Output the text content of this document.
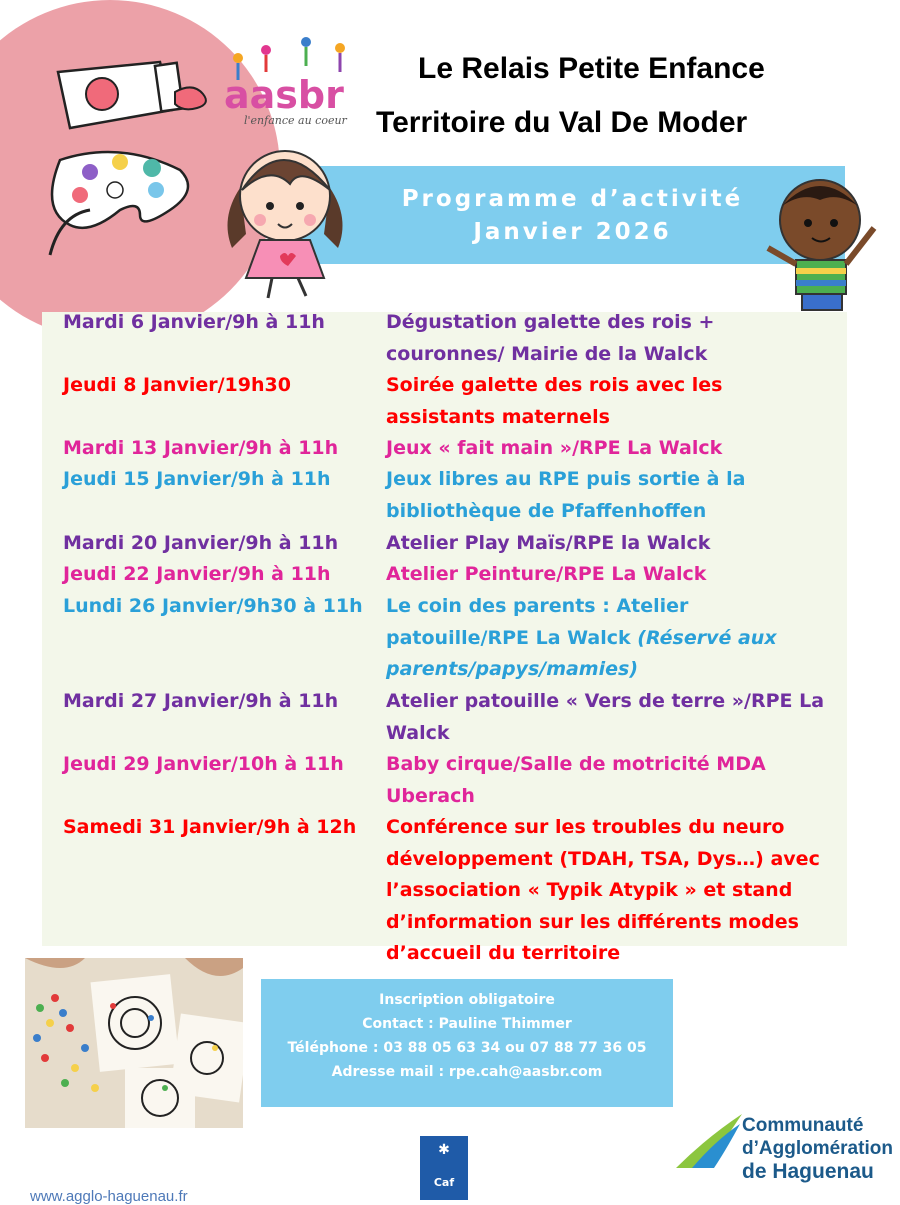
aasbr
l'enfance au coeur
Le Relais Petite Enfance
Territoire du Val De Moder
Programme d’activité
Janvier 2026
Mardi 6 Janvier/9h à 11h	Dégustation galette des rois + couronnes/ Mairie de la Walck
Jeudi 8 Janvier/19h30	Soirée galette des rois avec les assistants maternels
Mardi 13 Janvier/9h à 11h	Jeux « fait main »/RPE La Walck
Jeudi 15 Janvier/9h à 11h	Jeux libres au RPE puis sortie à la bibliothèque de Pfaffenhoffen
Mardi 20 Janvier/9h à 11h	Atelier Play Maïs/RPE la Walck
Jeudi 22 Janvier/9h à 11h	Atelier Peinture/RPE La Walck
Lundi 26 Janvier/9h30 à 11h Le coin des parents : Atelier patouille/RPE La Walck (Réservé aux parents/papys/mamies)
Mardi 27 Janvier/9h à 11h	Atelier patouille « Vers de terre »/RPE La Walck
Jeudi 29 Janvier/10h à 11h Baby cirque/Salle de motricité MDA Uberach
Samedi 31 Janvier/9h à 12h Conférence sur les troubles du neuro développement (TDAH, TSA, Dys…) avec l’association « Typik Atypik » et stand d’information sur les différents modes d’accueil du territoire
Inscription obligatoire
Contact : Pauline Thimmer
Téléphone : 03 88 05 63 34 ou 07 88 77 36 05
Adresse mail : rpe.cah@aasbr.com
✱
Caf
Communauté
d’Agglomération
de Haguenau
www.agglo-haguenau.fr
